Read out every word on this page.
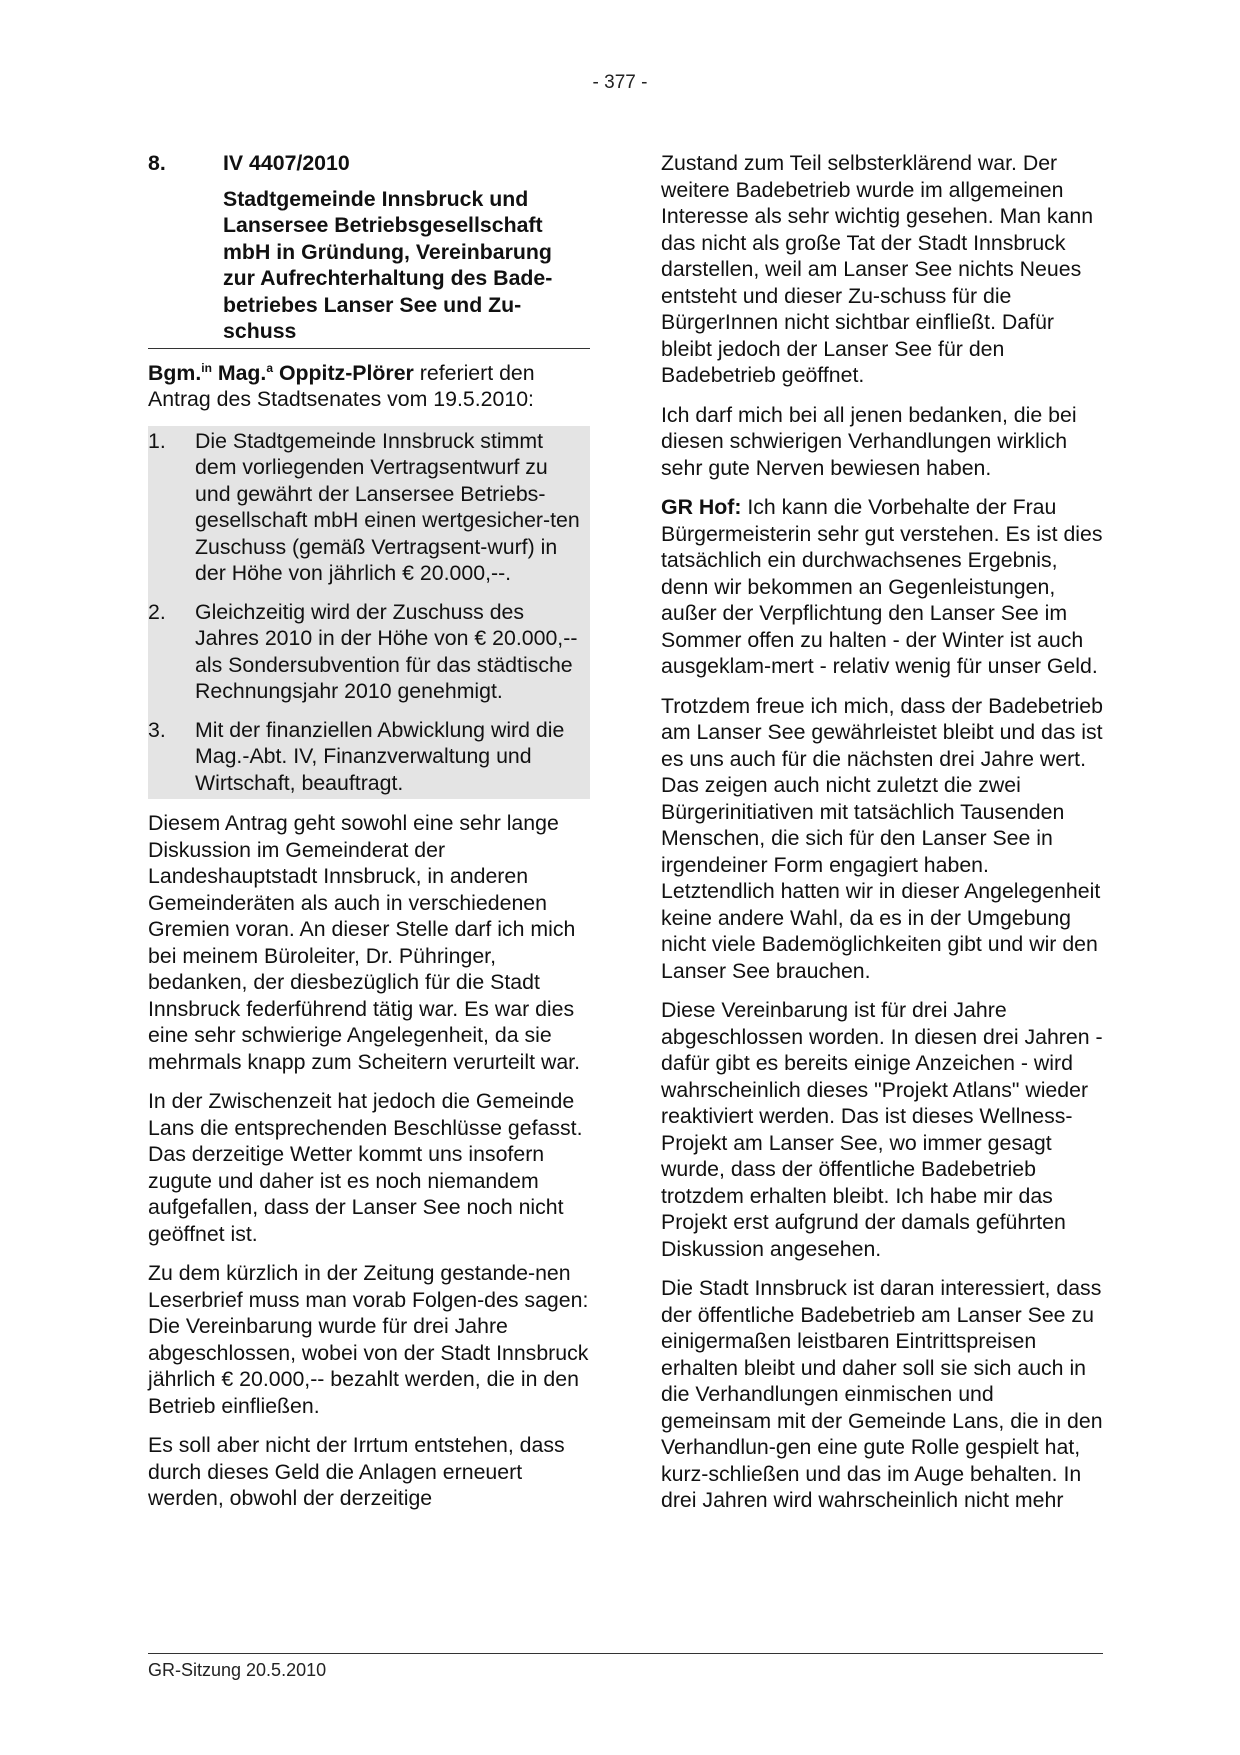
- 377 -
8.	IV 4407/2010
Stadtgemeinde Innsbruck und Lansersee Betriebsgesellschaft mbH in Gründung, Vereinbarung zur Aufrechterhaltung des Bade-betriebes Lanser See und Zu-schuss

Bgm.$^{in}$ Mag.$^a$ Oppitz-Plörer referiert den Antrag des Stadtsenates vom 19.5.2010:

1.	Die Stadtgemeinde Innsbruck stimmt dem vorliegenden Vertragsentwurf zu und gewährt der Lansersee Betriebs-gesellschaft mbH einen wertgesicher-ten Zuschuss (gemäß Vertragsent-wurf) in der Höhe von jährlich € 20.000,--.
2.	Gleichzeitig wird der Zuschuss des Jahres 2010 in der Höhe von € 20.000,-- als Sondersubvention für das städtische Rechnungsjahr 2010 genehmigt.
3.	Mit der finanziellen Abwicklung wird die Mag.-Abt. IV, Finanzverwaltung und Wirtschaft, beauftragt.

Diesem Antrag geht sowohl eine sehr lange Diskussion im Gemeinderat der Landeshauptstadt Innsbruck, in anderen Gemeinderäten als auch in verschiedenen Gremien voran. An dieser Stelle darf ich mich bei meinem Büroleiter, Dr. Pühringer, bedanken, der diesbezüglich für die Stadt Innsbruck federführend tätig war. Es war dies eine sehr schwierige Angelegenheit, da sie mehrmals knapp zum Scheitern verurteilt war.

In der Zwischenzeit hat jedoch die Gemeinde Lans die entsprechenden Beschlüsse gefasst. Das derzeitige Wetter kommt uns insofern zugute und daher ist es noch niemandem aufgefallen, dass der Lanser See noch nicht geöffnet ist.

Zu dem kürzlich in der Zeitung gestande-nen Leserbrief muss man vorab Folgen-des sagen: Die Vereinbarung wurde für drei Jahre abgeschlossen, wobei von der Stadt Innsbruck jährlich € 20.000,-- bezahlt werden, die in den Betrieb einfließen.

Es soll aber nicht der Irrtum entstehen, dass durch dieses Geld die Anlagen erneuert werden, obwohl der derzeitige

Zustand zum Teil selbsterklärend war. Der weitere Badebetrieb wurde im allgemeinen Interesse als sehr wichtig gesehen. Man kann das nicht als große Tat der Stadt Innsbruck darstellen, weil am Lanser See nichts Neues entsteht und dieser Zu-schuss für die BürgerInnen nicht sichtbar einfließt. Dafür bleibt jedoch der Lanser See für den Badebetrieb geöffnet.

Ich darf mich bei all jenen bedanken, die bei diesen schwierigen Verhandlungen wirklich sehr gute Nerven bewiesen haben.

GR Hof: Ich kann die Vorbehalte der Frau Bürgermeisterin sehr gut verstehen. Es ist dies tatsächlich ein durchwachsenes Ergebnis, denn wir bekommen an Gegenleistungen, außer der Verpflichtung den Lanser See im Sommer offen zu halten - der Winter ist auch ausgeklam-mert - relativ wenig für unser Geld.

Trotzdem freue ich mich, dass der Badebetrieb am Lanser See gewährleistet bleibt und das ist es uns auch für die nächsten drei Jahre wert. Das zeigen auch nicht zuletzt die zwei Bürgerinitiativen mit tatsächlich Tausenden Menschen, die sich für den Lanser See in irgendeiner Form engagiert haben. Letztendlich hatten wir in dieser Angelegenheit keine andere Wahl, da es in der Umgebung nicht viele Bademöglichkeiten gibt und wir den Lanser See brauchen.

Diese Vereinbarung ist für drei Jahre abgeschlossen worden. In diesen drei Jahren - dafür gibt es bereits einige Anzeichen - wird wahrscheinlich dieses "Projekt Atlans" wieder reaktiviert werden. Das ist dieses Wellness-Projekt am Lanser See, wo immer gesagt wurde, dass der öffentliche Badebetrieb trotzdem erhalten bleibt. Ich habe mir das Projekt erst aufgrund der damals geführten Diskussion angesehen.

Die Stadt Innsbruck ist daran interessiert, dass der öffentliche Badebetrieb am Lanser See zu einigermaßen leistbaren Eintrittspreisen erhalten bleibt und daher soll sie sich auch in die Verhandlungen einmischen und gemeinsam mit der Gemeinde Lans, die in den Verhandlun-gen eine gute Rolle gespielt hat, kurz-schließen und das im Auge behalten. In drei Jahren wird wahrscheinlich nicht mehr

GR-Sitzung 20.5.2010
